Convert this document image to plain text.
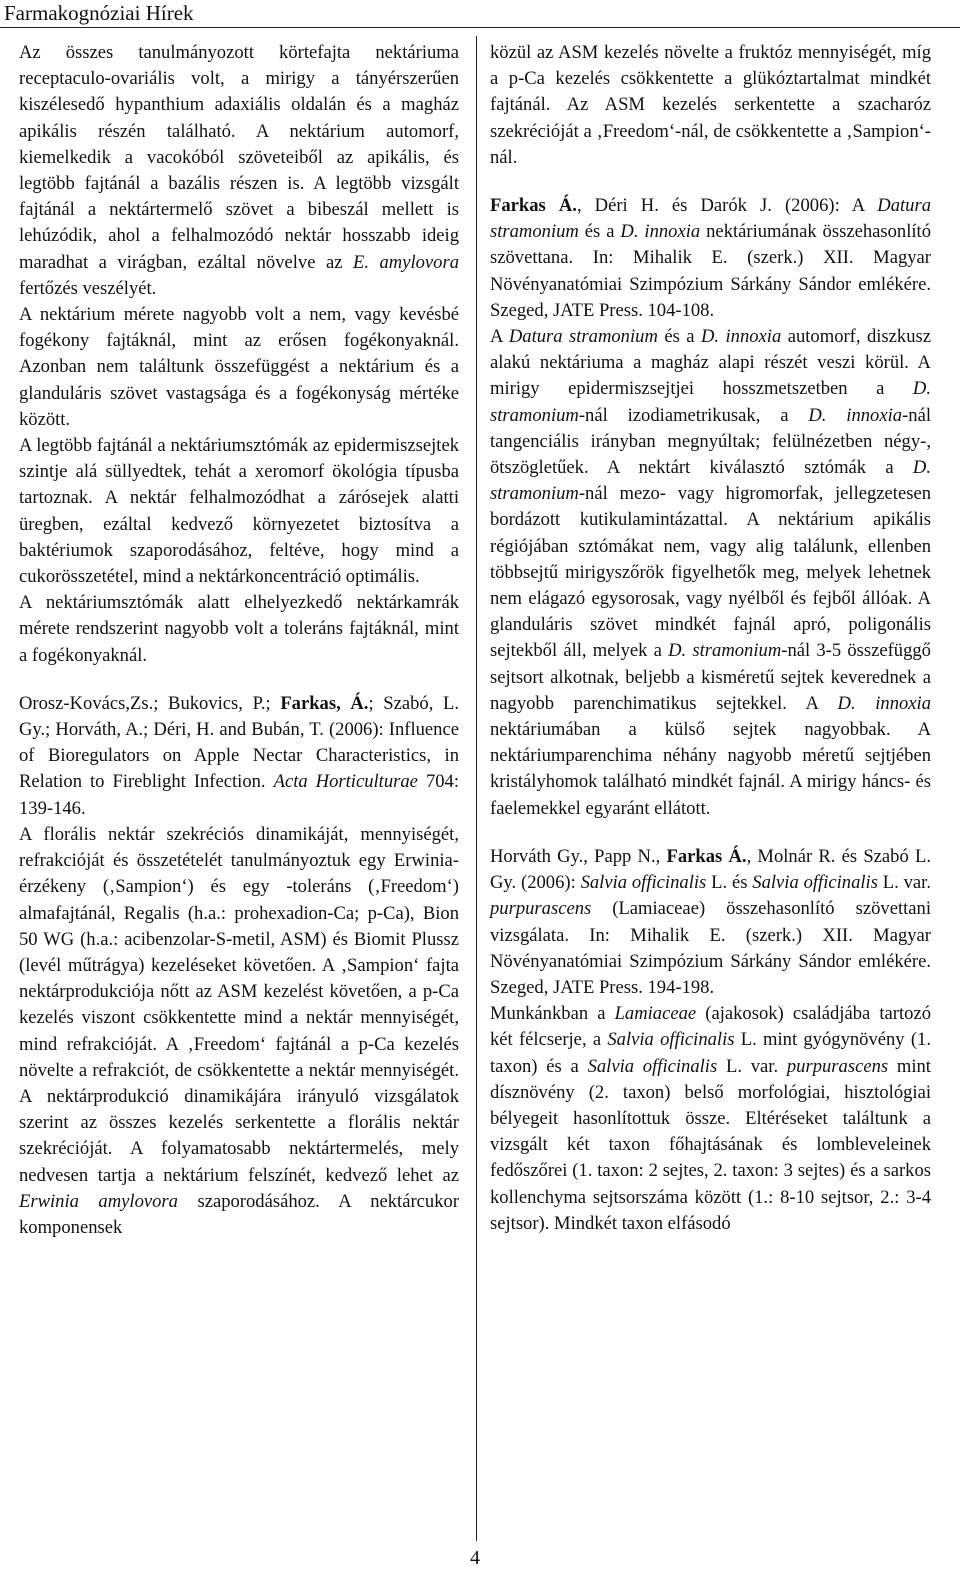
Farmakognóziai Hírek

Az összes tanulmányozott körtefajta nektáriuma receptaculo-ovariális volt, a mirigy a tányérszerűen kiszélesedő hypanthium adaxiális oldalán és a magház apikális részén található. A nektárium automorf, kiemelkedik a vacokóból szöveteiből az apikális, és legtöbb fajtánál a bazális részen is. A legtöbb vizsgált fajtánál a nektártermelő szövet a bibeszál mellett is lehúzódik, ahol a felhalmozódó nektár hosszabb ideig maradhat a virágban, ezáltal növelve az E. amylovora fertőzés veszélyét.

A nektárium mérete nagyobb volt a nem, vagy kevésbé fogékony fajtáknál, mint az erősen fogékonyaknál. Azonban nem találtunk összefüggést a nektárium és a glanduláris szövet vastagsága és a fogékonyság mértéke között.

A legtöbb fajtánál a nektáriumsztómák az epidermiszsejtek szintje alá süllyedtek, tehát a xeromorf ökológia típusba tartoznak. A nektár felhalmozódhat a zárósejek alatti üregben, ezáltal kedvező környezetet biztosítva a baktériumok szaporodásához, feltéve, hogy mind a cukorösszetétel, mind a nektárkoncentráció optimális.

A nektáriumsztómák alatt elhelyezkedő nektárkamrák mérete rendszerint nagyobb volt a toleráns fajtáknál, mint a fogékonyaknál.

Orosz-Kovács,Zs.; Bukovics, P.; Farkas, Á.; Szabó, L. Gy.; Horváth, A.; Déri, H. and Bubán, T. (2006): Influence of Bioregulators on Apple Nectar Characteristics, in Relation to Fireblight Infection. Acta Horticulturae 704: 139-146.

A florális nektár szekréciós dinamikáját, mennyiségét, refrakcióját és összetételét tanulmányoztuk egy Erwinia-érzékeny (‚Sampion‘) és egy -toleráns (‚Freedom‘) almafajtánál, Regalis (h.a.: prohexadion-Ca; p-Ca), Bion 50 WG (h.a.: acibenzolar-S-metil, ASM) és Biomit Plussz (levél műtrágya) kezeléseket követően. A ‚Sampion‘ fajta nektárprodukciója nőtt az ASM kezelést követően, a p-Ca kezelés viszont csökkentette mind a nektár mennyiségét, mind refrakcióját. A ‚Freedom‘ fajtánál a p-Ca kezelés növelte a refrakciót, de csökkentette a nektár mennyiségét. A nektárprodukció dinamikájára irányuló vizsgálatok szerint az összes kezelés serkentette a florális nektár szekrécióját. A folyamatosabb nektártermelés, mely nedvesen tartja a nektárium felszínét, kedvező lehet az Erwinia amylovora szaporodásához. A nektárcukor komponensek

közül az ASM kezelés növelte a fruktóz mennyiségét, míg a p-Ca kezelés csökkentette a glükóztartalmat mindkét fajtánál. Az ASM kezelés serkentette a szacharóz szekrécióját a ‚Freedom‘-nál, de csökkentette a ‚Sampion‘-nál.

Farkas Á., Déri H. és Darók J. (2006): A Datura stramonium és a D. innoxia nektáriumának összehasonlító szövettana. In: Mihalik E. (szerk.) XII. Magyar Növényanatómiai Szimpózium Sárkány Sándor emlékére. Szeged, JATE Press. 104-108.

A Datura stramonium és a D. innoxia automorf, diszkusz alakú nektáriuma a magház alapi részét veszi körül. A mirigy epidermiszsejtjei hosszmetszetben a D. stramonium-nál izodiametrikusak, a D. innoxia-nál tangenciális irányban megnyúltak; felülnézetben négy-, ötszögletűek. A nektárt kiválasztó sztómák a D. stramonium-nál mezo- vagy higromorfak, jellegzetesen bordázott kutikulamintázattal. A nektárium apikális régiójában sztómákat nem, vagy alig találunk, ellenben többsejtű mirigyszőrök figyelhetők meg, melyek lehetnek nem elágazó egysorosak, vagy nyélből és fejből állóak. A glanduláris szövet mindkét fajnál apró, poligonális sejtekből áll, melyek a D. stramonium-nál 3-5 összefüggő sejtsort alkotnak, beljebb a kisméretű sejtek keverednek a nagyobb parenchimatikus sejtekkel. A D. innoxia nektáriumában a külső sejtek nagyobbak. A nektáriumparenchima néhány nagyobb méretű sejtjében kristályhomok található mindkét fajnál. A mirigy háncs- és faelemekkel egyaránt ellátott.

Horváth Gy., Papp N., Farkas Á., Molnár R. és Szabó L. Gy. (2006): Salvia officinalis L. és Salvia officinalis L. var. purpurascens (Lamiaceae) összehasonlító szövettani vizsgálata. In: Mihalik E. (szerk.) XII. Magyar Növényanatómiai Szimpózium Sárkány Sándor emlékére. Szeged, JATE Press. 194-198.

Munkánkban a Lamiaceae (ajakosok) családjába tartozó két félcserje, a Salvia officinalis L. mint gyógynövény (1. taxon) és a Salvia officinalis L. var. purpurascens mint dísznövény (2. taxon) belső morfológiai, hisztológiai bélyegeit hasonlítottuk össze. Eltéréseket találtunk a vizsgált két taxon főhajtásának és lombleveleinek fedőszőrei (1. taxon: 2 sejtes, 2. taxon: 3 sejtes) és a sarkos kollenchyma sejtsorszáma között (1.: 8-10 sejtsor, 2.: 3-4 sejtsor). Mindkét taxon elfásodó

4
